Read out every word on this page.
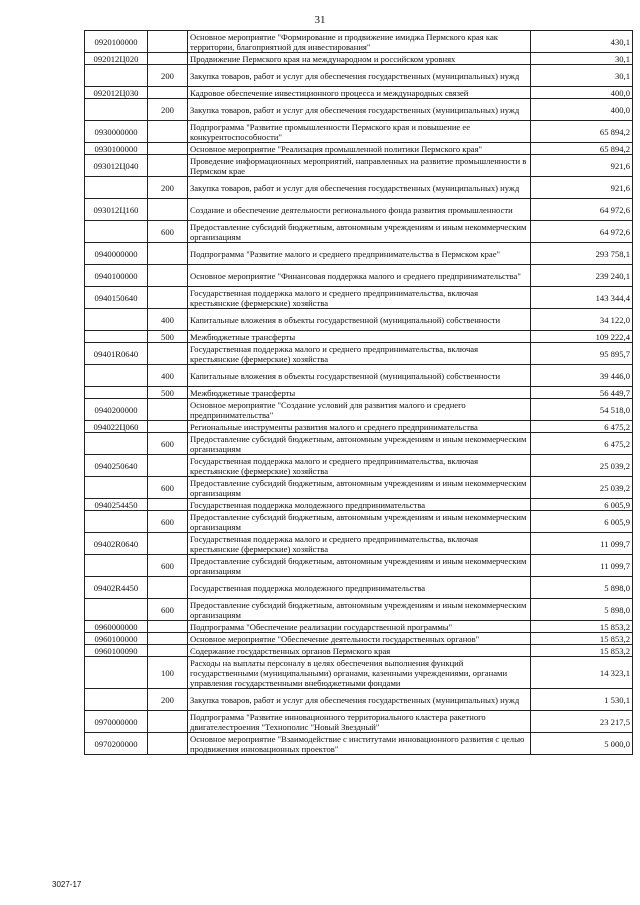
31
0920100000		Основное мероприятие "Формирование и продвижение имиджа Пермского края как территории, благоприятной для инвестирования"	430,1
092012Ц020		Продвижение Пермского края на международном и российском уровнях	30,1
	200	Закупка товаров, работ и услуг для обеспечения государственных (муниципальных) нужд	30,1
092012Ц030		Кадровое обеспечение инвестиционного процесса и международных связей	400,0
	200	Закупка товаров, работ и услуг для обеспечения государственных (муниципальных) нужд	400,0
0930000000		Подпрограмма "Развитие промышленности Пермского края и повышение ее конкурентоспособности"	65 894,2
0930100000		Основное мероприятие "Реализация промышленной политики Пермского края"	65 894,2
093012Ц040		Проведение информационных мероприятий, направленных на развитие промышленности в Пермском крае	921,6
	200	Закупка товаров, работ и услуг для обеспечения государственных (муниципальных) нужд	921,6
093012Ц160		Создание и обеспечение деятельности регионального фонда развития промышленности	64 972,6
	600	Предоставление субсидий бюджетным, автономным учреждениям и иным некоммерческим организациям	64 972,6
0940000000		Подпрограмма "Развитие малого и среднего предпринимательства в Пермском крае"	293 758,1
0940100000		Основное мероприятие "Финансовая поддержка малого и среднего предпринимательства"	239 240,1
0940150640		Государственная поддержка малого и среднего предпринимательства, включая крестьянские (фермерские) хозяйства	143 344,4
	400	Капитальные вложения в объекты государственной (муниципальной) собственности	34 122,0
	500	Межбюджетные трансферты	109 222,4
09401R0640		Государственная поддержка малого и среднего предпринимательства, включая крестьянские (фермерские) хозяйства	95 895,7
	400	Капитальные вложения в объекты государственной (муниципальной) собственности	39 446,0
	500	Межбюджетные трансферты	56 449,7
0940200000		Основное мероприятие "Создание условий для развития малого и среднего предпринимательства"	54 518,0
094022Ц060		Региональные инструменты развития малого и среднего предпринимательства	6 475,2
	600	Предоставление субсидий бюджетным, автономным учреждениям и иным некоммерческим организациям	6 475,2
0940250640		Государственная поддержка малого и среднего предпринимательства, включая крестьянские (фермерские) хозяйства	25 039,2
	600	Предоставление субсидий бюджетным, автономным учреждениям и иным некоммерческим организациям	25 039,2
0940254450		Государственная поддержка молодежного предпринимательства	6 005,9
	600	Предоставление субсидий бюджетным, автономным учреждениям и иным некоммерческим организациям	6 005,9
09402R0640		Государственная поддержка малого и среднего предпринимательства, включая крестьянские (фермерские) хозяйства	11 099,7
	600	Предоставление субсидий бюджетным, автономным учреждениям и иным некоммерческим организациям	11 099,7
09402R4450		Государственная поддержка молодежного предпринимательства	5 898,0
	600	Предоставление субсидий бюджетным, автономным учреждениям и иным некоммерческим организациям	5 898,0
0960000000		Подпрограмма "Обеспечение реализации государственной программы"	15 853,2
0960100000		Основное мероприятие "Обеспечение деятельности государственных органов"	15 853,2
0960100090		Содержание государственных органов Пермского края	15 853,2
	100	Расходы на выплаты персоналу в целях обеспечения выполнения функций государственными (муниципальными) органами, казенными учреждениями, органами управления государственными внебюджетными фондами	14 323,1
	200	Закупка товаров, работ и услуг для обеспечения государственных (муниципальных) нужд	1 530,1
0970000000		Подпрограмма "Развитие инновационного территориального кластера ракетного двигателестроения "Технополис "Новый Звездный"	23 217,5
0970200000		Основное мероприятие "Взаимодействие с институтами инновационного развития с целью продвижения инновационных проектов"	5 000,0
3027-17
